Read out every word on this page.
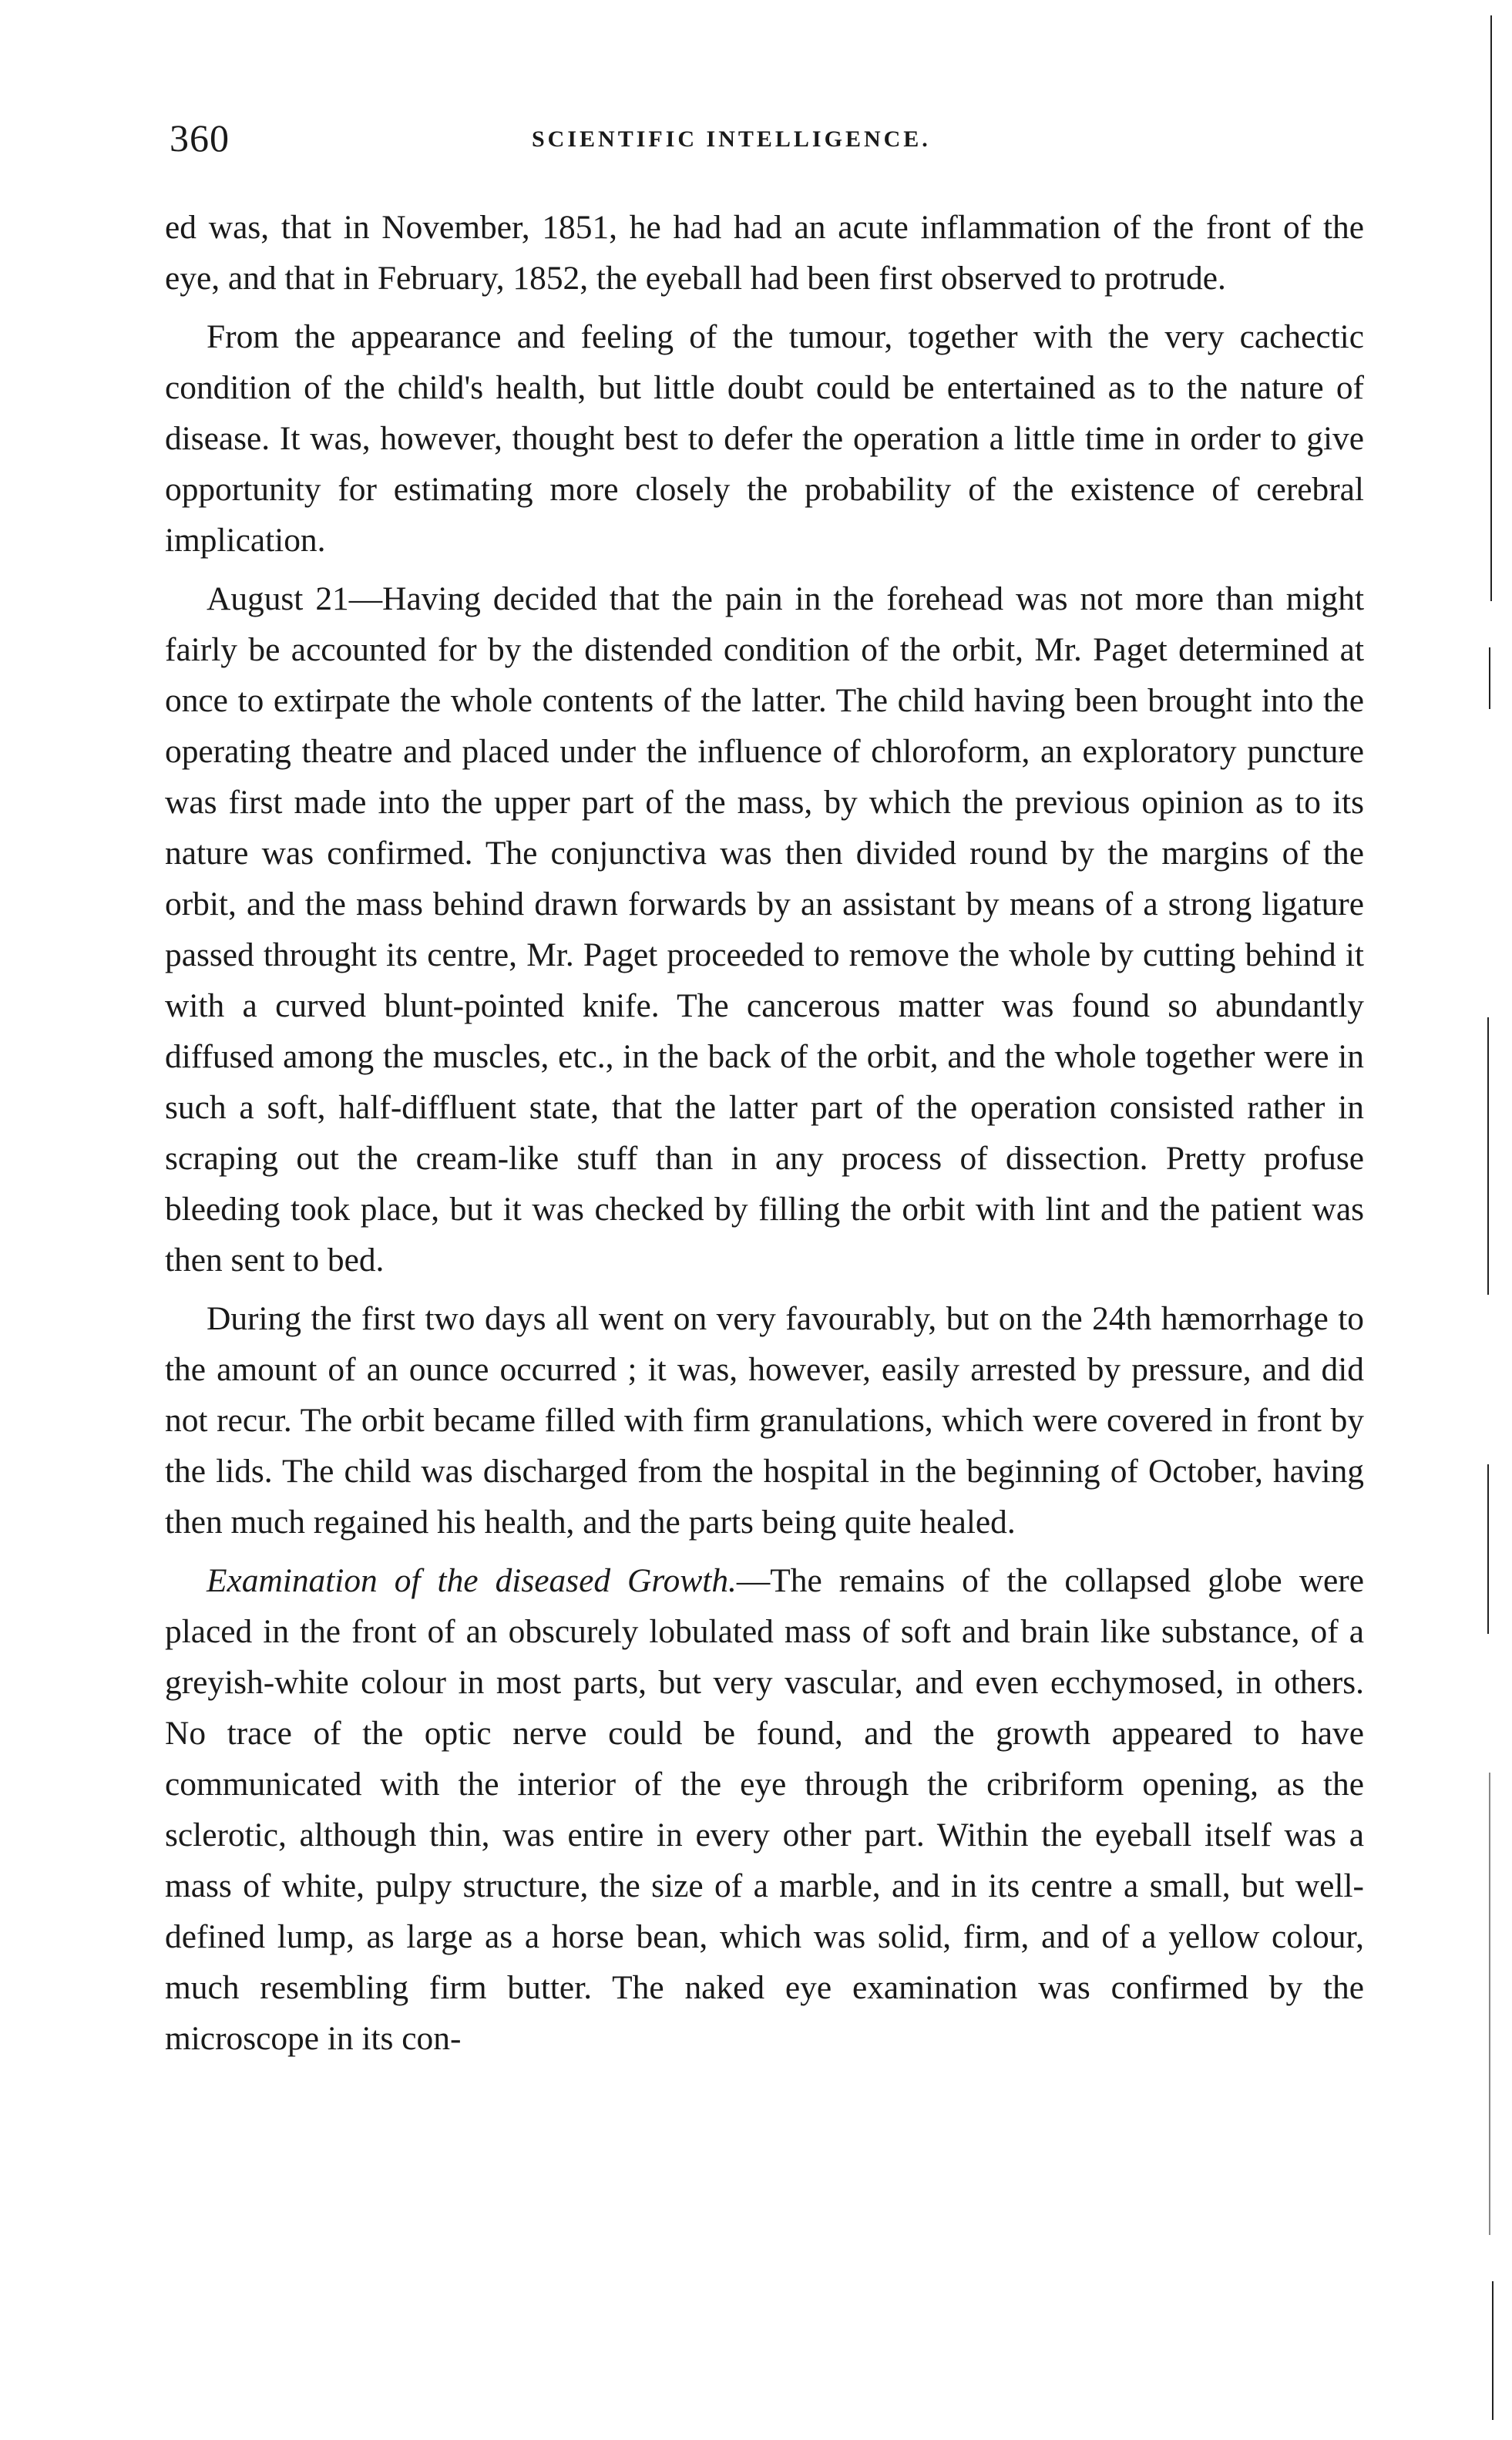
360	SCIENTIFIC INTELLIGENCE.

ed was, that in November, 1851, he had had an acute inflammation of the front of the eye, and that in February, 1852, the eyeball had been first observed to protrude.

From the appearance and feeling of the tumour, together with the very cachectic condition of the child's health, but little doubt could be entertained as to the nature of disease. It was, however, thought best to defer the operation a little time in order to give opportunity for estimating more closely the probability of the existence of cerebral implication.

August 21—Having decided that the pain in the forehead was not more than might fairly be accounted for by the distended condition of the orbit, Mr. Paget determined at once to extirpate the whole contents of the latter. The child having been brought into the operating theatre and placed under the influence of chloroform, an exploratory puncture was first made into the upper part of the mass, by which the previous opinion as to its nature was confirmed. The conjunctiva was then divided round by the margins of the orbit, and the mass behind drawn forwards by an assistant by means of a strong ligature passed throught its centre, Mr. Paget proceeded to remove the whole by cutting behind it with a curved blunt-pointed knife. The cancerous matter was found so abundantly diffused among the muscles, etc., in the back of the orbit, and the whole together were in such a soft, half-diffluent state, that the latter part of the operation consisted rather in scraping out the cream-like stuff than in any process of dissection. Pretty profuse bleeding took place, but it was checked by filling the orbit with lint and the patient was then sent to bed.

During the first two days all went on very favourably, but on the 24th hæmorrhage to the amount of an ounce occurred ; it was, however, easily arrested by pressure, and did not recur. The orbit became filled with firm granulations, which were covered in front by the lids. The child was discharged from the hospital in the beginning of October, having then much regained his health, and the parts being quite healed.

Examination of the diseased Growth.—The remains of the collapsed globe were placed in the front of an obscurely lobulated mass of soft and brain like substance, of a greyish-white colour in most parts, but very vascular, and even ecchymosed, in others. No trace of the optic nerve could be found, and the growth appeared to have communicated with the interior of the eye through the cribriform opening, as the sclerotic, although thin, was entire in every other part. Within the eyeball itself was a mass of white, pulpy structure, the size of a marble, and in its centre a small, but well-defined lump, as large as a horse bean, which was solid, firm, and of a yellow colour, much resembling firm butter. The naked eye examination was confirmed by the microscope in its con-
